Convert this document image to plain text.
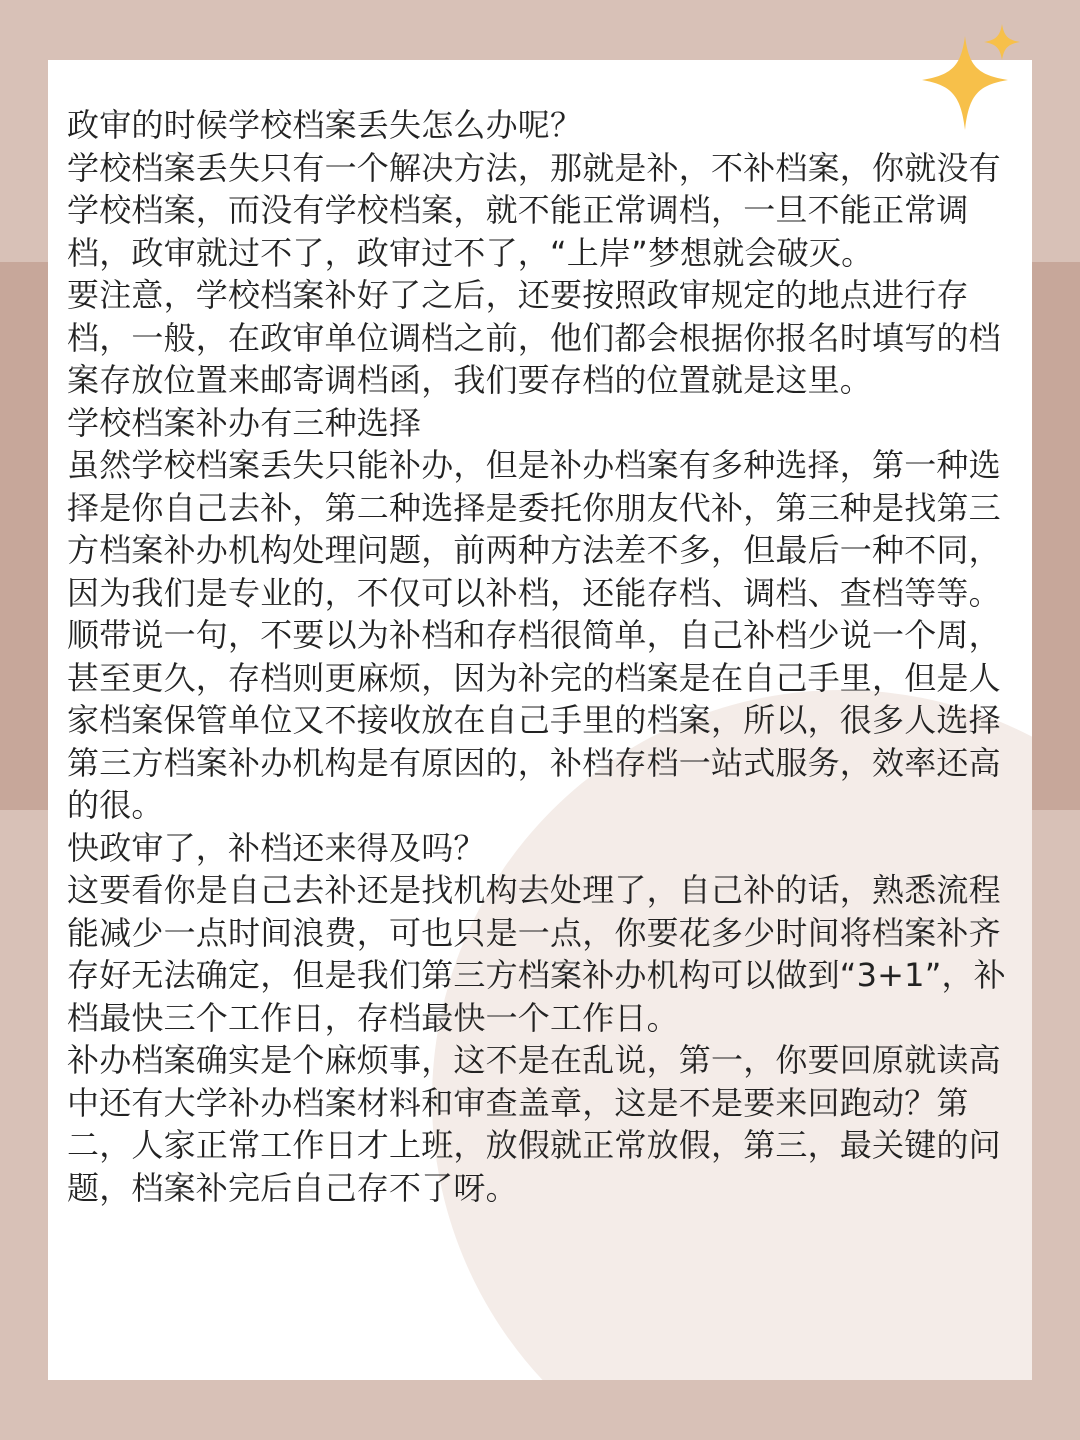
政审的时候学校档案丢失怎么办呢？

学校档案丢失只有一个解决方法，那就是补，不补档案，你就没有学校档案，而没有学校档案，就不能正常调档，一旦不能正常调档，政审就过不了，政审过不了，“上岸”梦想就会破灭。

要注意，学校档案补好了之后，还要按照政审规定的地点进行存档，一般，在政审单位调档之前，他们都会根据你报名时填写的档案存放位置来邮寄调档函，我们要存档的位置就是这里。

学校档案补办有三种选择

虽然学校档案丢失只能补办，但是补办档案有多种选择，第一种选择是你自己去补，第二种选择是委托你朋友代补，第三种是找第三方档案补办机构处理问题，前两种方法差不多，但最后一种不同，因为我们是专业的，不仅可以补档，还能存档、调档、查档等等。

顺带说一句，不要以为补档和存档很简单，自己补档少说一个周，甚至更久，存档则更麻烦，因为补完的档案是在自己手里，但是人家档案保管单位又不接收放在自己手里的档案，所以，很多人选择第三方档案补办机构是有原因的，补档存档一站式服务，效率还高的很。

快政审了，补档还来得及吗？

这要看你是自己去补还是找机构去处理了，自己补的话，熟悉流程能减少一点时间浪费，可也只是一点，你要花多少时间将档案补齐存好无法确定，但是我们第三方档案补办机构可以做到“3+1”，补档最快三个工作日，存档最快一个工作日。

补办档案确实是个麻烦事，这不是在乱说，第一，你要回原就读高中还有大学补办档案材料和审查盖章，这是不是要来回跑动？第二，人家正常工作日才上班，放假就正常放假，第三，最关键的问题，档案补完后自己存不了呀。
